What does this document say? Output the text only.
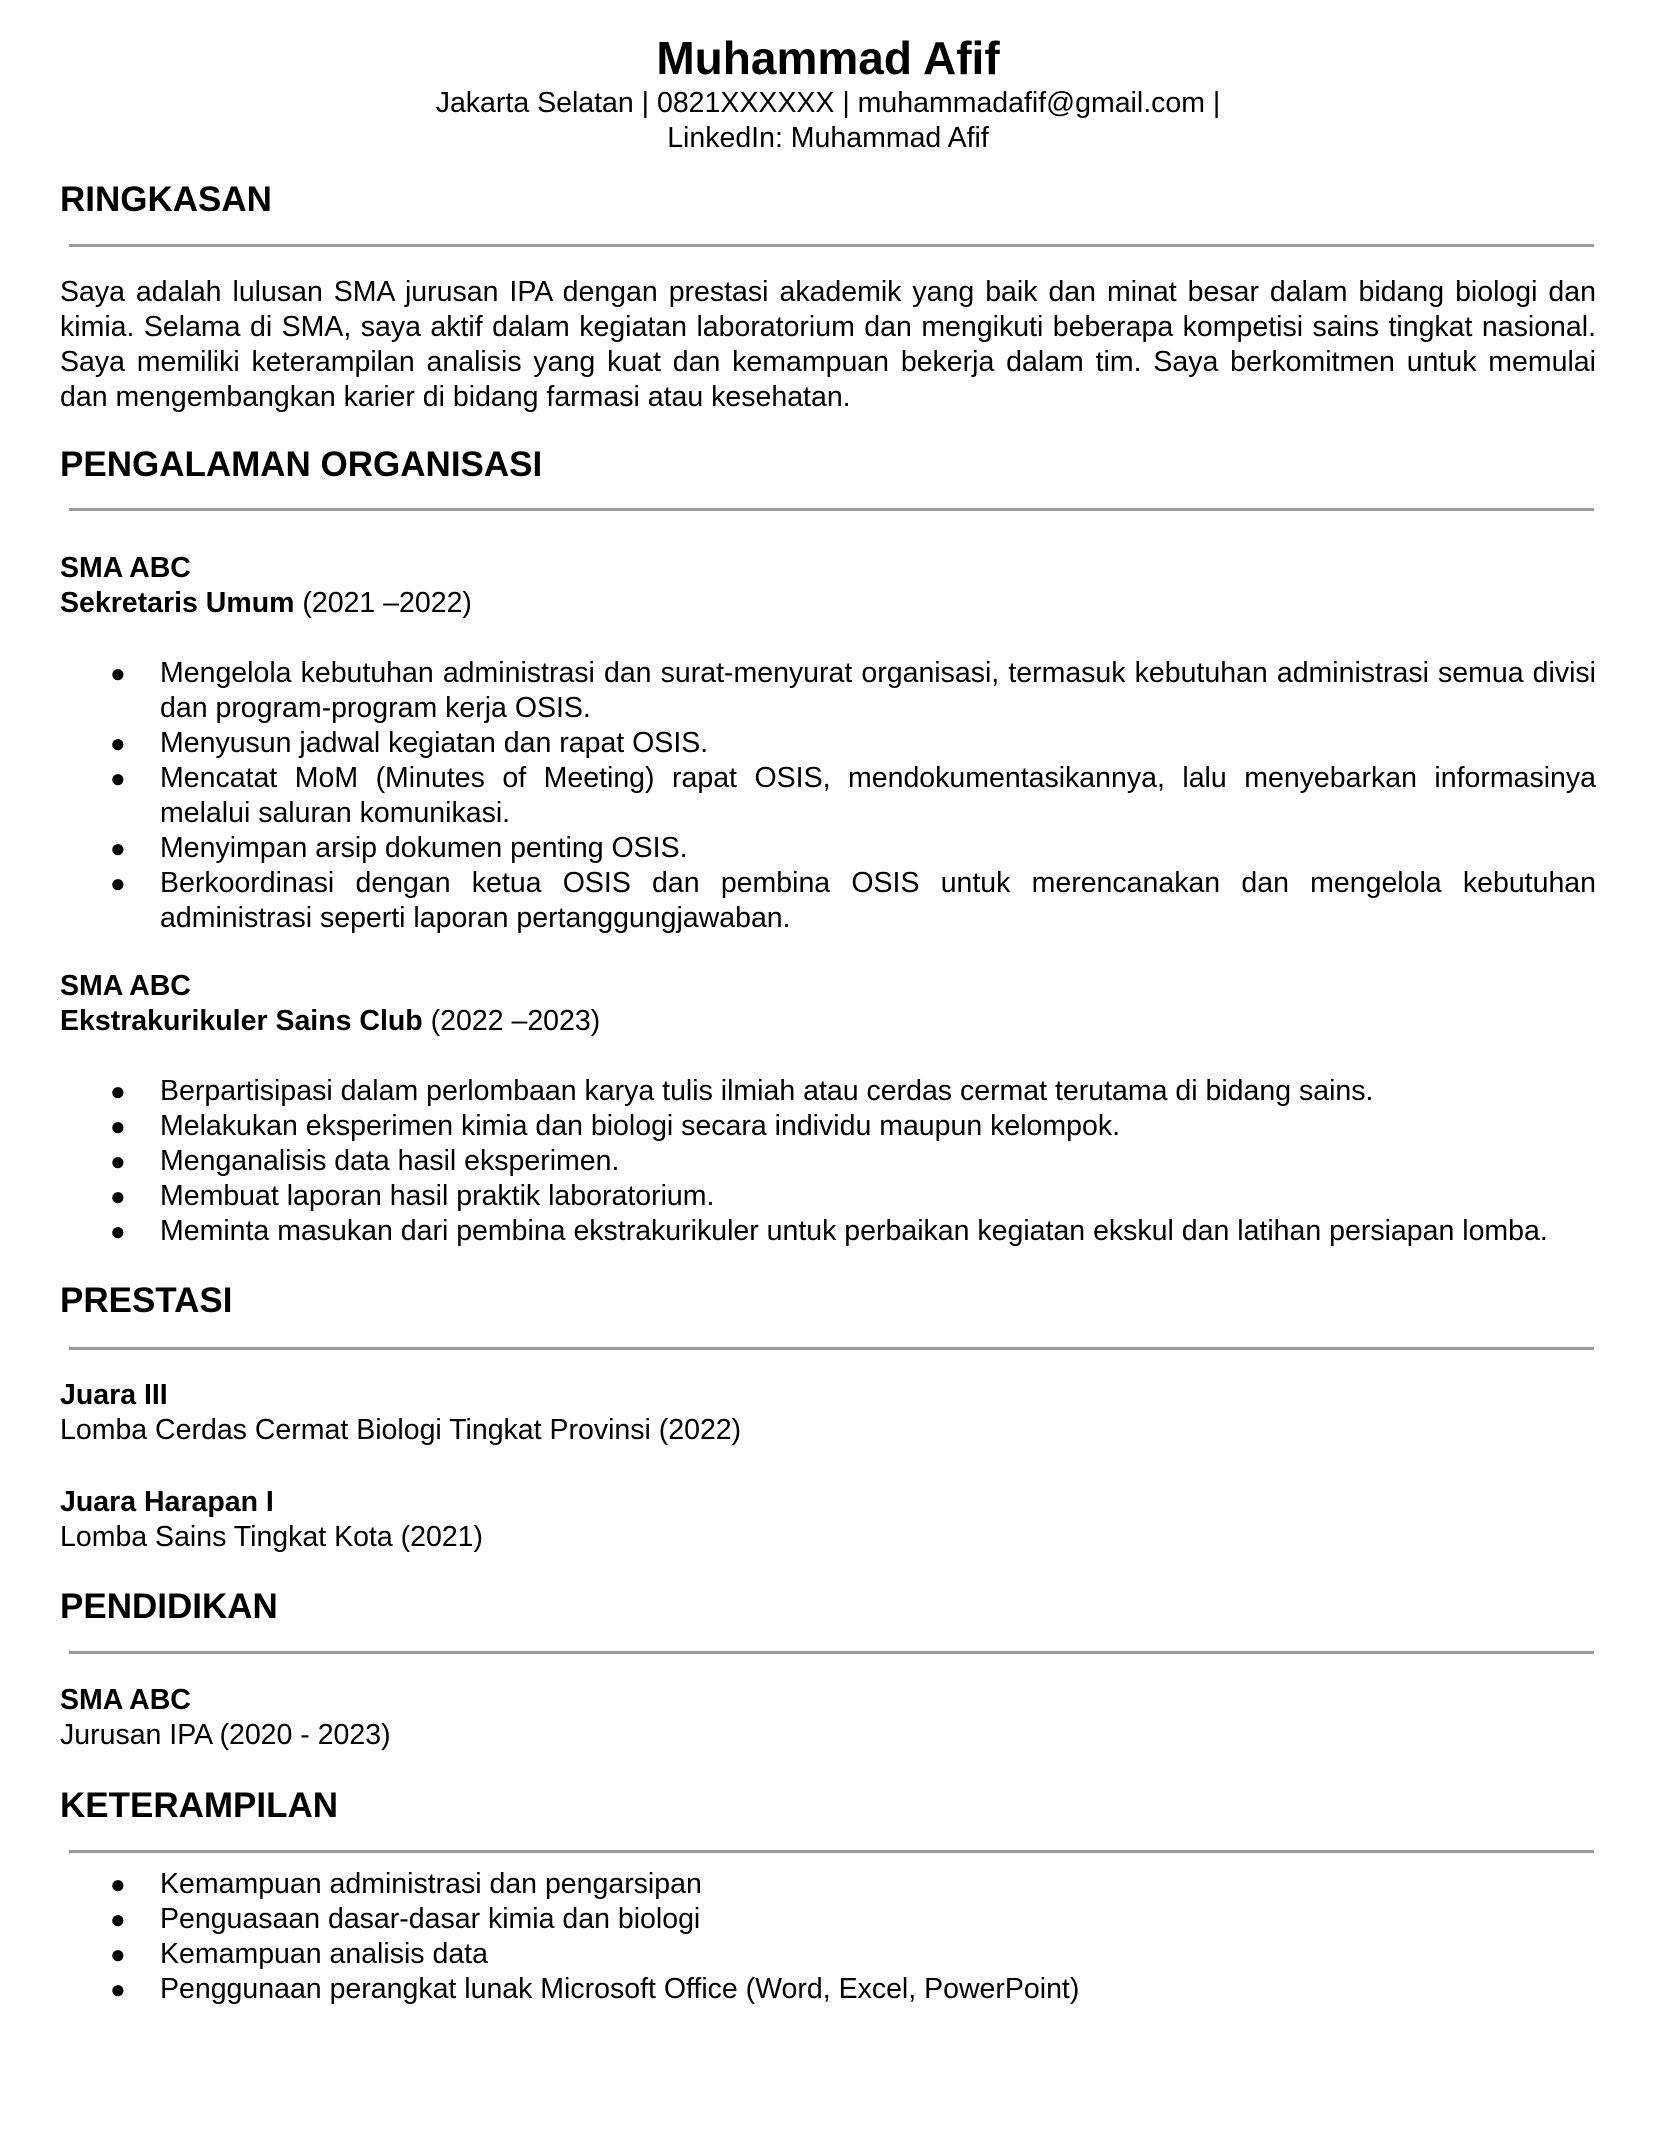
Muhammad Afif
Jakarta Selatan | 0821XXXXXX | muhammadafif@gmail.com |
LinkedIn: Muhammad Afif
RINGKASAN

Saya adalah lulusan SMA jurusan IPA dengan prestasi akademik yang baik dan minat besar dalam bidang biologi dan kimia. Selama di SMA, saya aktif dalam kegiatan laboratorium dan mengikuti beberapa kompetisi sains tingkat nasional. Saya memiliki keterampilan analisis yang kuat dan kemampuan bekerja dalam tim. Saya berkomitmen untuk memulai dan mengembangkan karier di bidang farmasi atau kesehatan.

PENGALAMAN ORGANISASI
SMA ABC
Sekretaris Umum (2021 –2022)
● Mengelola kebutuhan administrasi dan surat-menyurat organisasi, termasuk kebutuhan administrasi semua divisi dan program-program kerja OSIS.
● Menyusun jadwal kegiatan dan rapat OSIS.
● Mencatat MoM (Minutes of Meeting) rapat OSIS, mendokumentasikannya, lalu menyebarkan informasinya melalui saluran komunikasi.
● Menyimpan arsip dokumen penting OSIS.
● Berkoordinasi dengan ketua OSIS dan pembina OSIS untuk merencanakan dan mengelola kebutuhan administrasi seperti laporan pertanggungjawaban.
SMA ABC
Ekstrakurikuler Sains Club (2022 –2023)
● Berpartisipasi dalam perlombaan karya tulis ilmiah atau cerdas cermat terutama di bidang sains.
● Melakukan eksperimen kimia dan biologi secara individu maupun kelompok.
● Menganalisis data hasil eksperimen.
● Membuat laporan hasil praktik laboratorium.
● Meminta masukan dari pembina ekstrakurikuler untuk perbaikan kegiatan ekskul dan latihan persiapan lomba.
PRESTASI
Juara III
Lomba Cerdas Cermat Biologi Tingkat Provinsi (2022)
Juara Harapan I
Lomba Sains Tingkat Kota (2021)
PENDIDIKAN
SMA ABC
Jurusan IPA (2020 - 2023)
KETERAMPILAN
● Kemampuan administrasi dan pengarsipan
● Penguasaan dasar-dasar kimia dan biologi
● Kemampuan analisis data
● Penggunaan perangkat lunak Microsoft Office (Word, Excel, PowerPoint)
